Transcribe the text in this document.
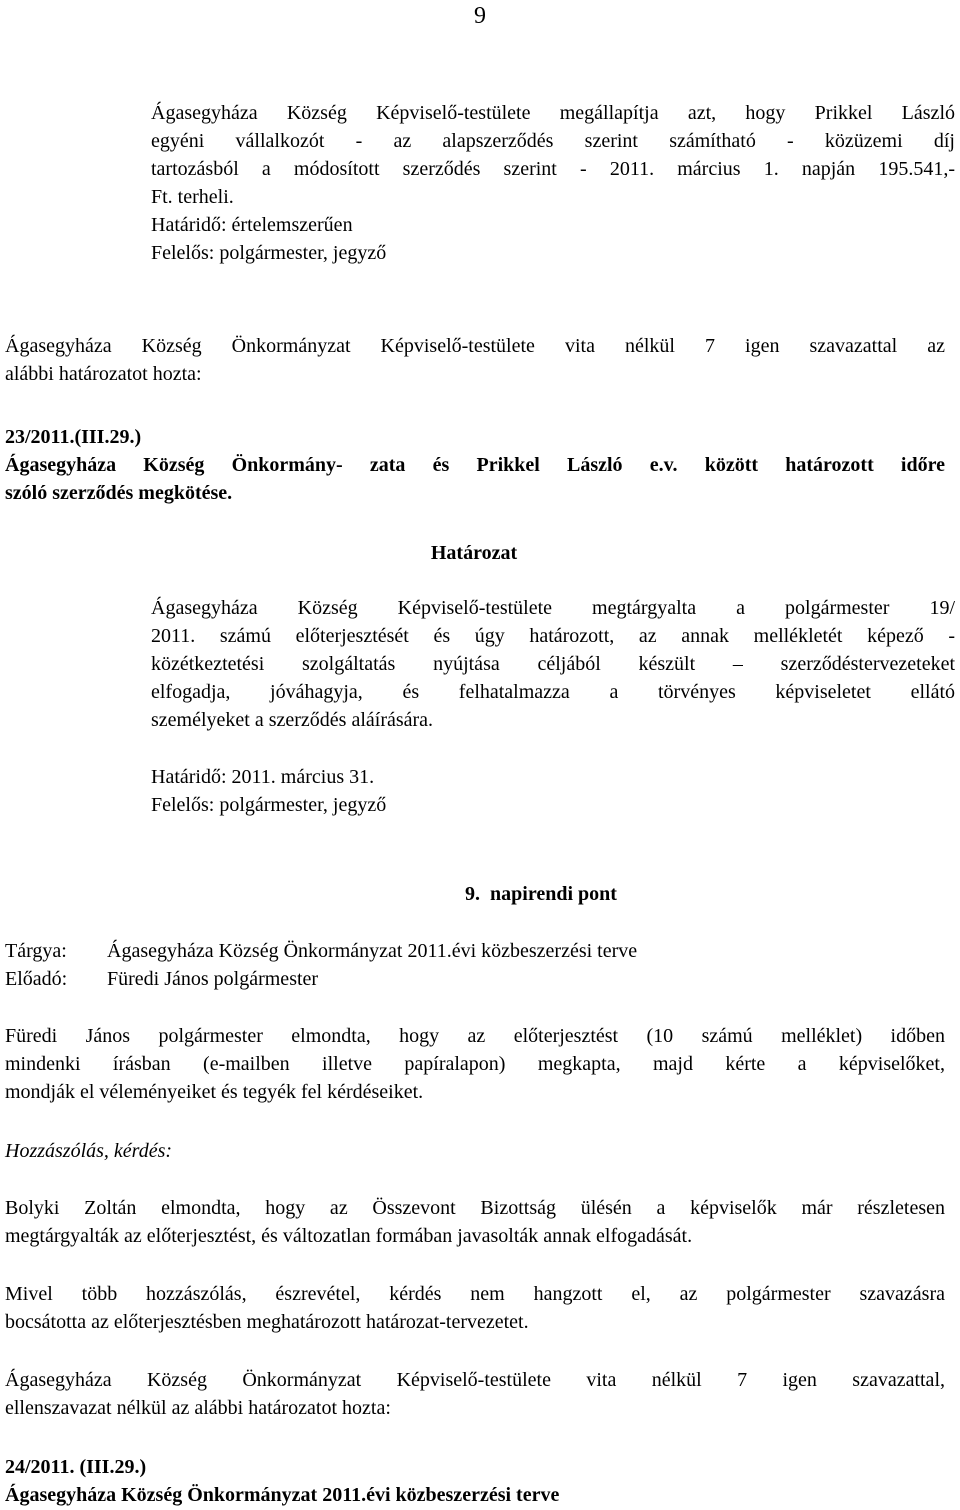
9
Ágasegyháza Község Képviselő-testülete megállapítja azt, hogy Prikkel László
egyéni vállalkozót - az alapszerződés szerint számítható - közüzemi díj
tartozásból a módosított szerződés szerint - 2011. március 1. napján 195.541,-
Ft. terheli.
Határidő: értelemszerűen
Felelős: polgármester, jegyző
Ágasegyháza Község Önkormányzat Képviselő-testülete vita nélkül 7 igen szavazattal az
alábbi határozatot hozta:
23/2011.(III.29.)
Ágasegyháza Község Önkormány- zata és Prikkel László e.v. között határozott időre
szóló szerződés megkötése.
Határozat
Ágasegyháza Község Képviselő-testülete megtárgyalta a polgármester 19/
2011. számú előterjesztését és úgy határozott, az annak mellékletét képező -
közétkeztetési szolgáltatás nyújtása céljából készült – szerződéstervezeteket
elfogadja, jóváhagyja, és felhatalmazza a törvényes képviseletet ellátó
személyeket a szerződés aláírására.
Határidő: 2011. március 31.
Felelős: polgármester, jegyző
9.  napirendi pont
Tárgya: Ágasegyháza Község Önkormányzat 2011.évi közbeszerzési terve
Előadó: Füredi János polgármester
Füredi János polgármester elmondta, hogy az előterjesztést (10 számú melléklet) időben
mindenki írásban (e-mailben illetve papíralapon) megkapta, majd kérte a képviselőket,
mondják el véleményeiket és tegyék fel kérdéseiket.
Hozzászólás, kérdés:
Bolyki Zoltán elmondta, hogy az Összevont Bizottság ülésén a képviselők már részletesen
megtárgyalták az előterjesztést, és változatlan formában javasolták annak elfogadását.
Mivel több hozzászólás, észrevétel, kérdés nem hangzott el, az polgármester szavazásra
bocsátotta az előterjesztésben meghatározott határozat-tervezetet.
Ágasegyháza Község Önkormányzat Képviselő-testülete vita nélkül 7 igen szavazattal,
ellenszavazat nélkül az alábbi határozatot hozta:
24/2011. (III.29.)
Ágasegyháza Község Önkormányzat 2011.évi közbeszerzési terve
